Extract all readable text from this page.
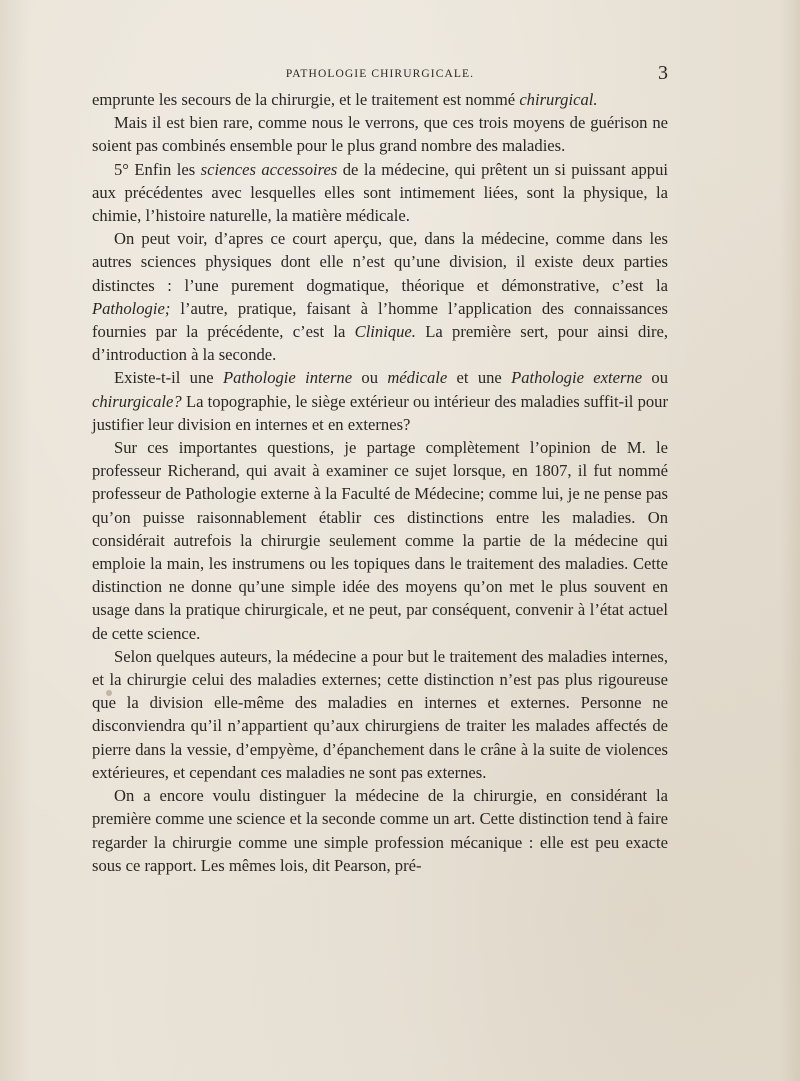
PATHOLOGIE CHIRURGICALE.	3

emprunte les secours de la chirurgie, et le traitement est nommé chirurgical.

Mais il est bien rare, comme nous le verrons, que ces trois moyens de guérison ne soient pas combinés ensemble pour le plus grand nombre des maladies.

5° Enfin les sciences accessoires de la médecine, qui prêtent un si puissant appui aux précédentes avec lesquelles elles sont intimement liées, sont la physique, la chimie, l’histoire naturelle, la matière médicale.

On peut voir, d’apres ce court aperçu, que, dans la médecine, comme dans les autres sciences physiques dont elle n’est qu’une division, il existe deux parties distinctes : l’une purement dogmatique, théorique et démonstrative, c’est la Pathologie; l’autre, pratique, faisant à l’homme l’application des connaissances fournies par la précédente, c’est la Clinique. La première sert, pour ainsi dire, d’introduction à la seconde.

Existe-t-il une Pathologie interne ou médicale et une Pathologie externe ou chirurgicale? La topographie, le siège extérieur ou intérieur des maladies suffit-il pour justifier leur division en internes et en externes?

Sur ces importantes questions, je partage complètement l’opinion de M. le professeur Richerand, qui avait à examiner ce sujet lorsque, en 1807, il fut nommé professeur de Pathologie externe à la Faculté de Médecine; comme lui, je ne pense pas qu’on puisse raisonnablement établir ces distinctions entre les maladies. On considérait autrefois la chirurgie seulement comme la partie de la médecine qui emploie la main, les instrumens ou les topiques dans le traitement des maladies. Cette distinction ne donne qu’une simple idée des moyens qu’on met le plus souvent en usage dans la pratique chirurgicale, et ne peut, par conséquent, convenir à l’état actuel de cette science.

Selon quelques auteurs, la médecine a pour but le traitement des maladies internes, et la chirurgie celui des maladies externes; cette distinction n’est pas plus rigoureuse que la division elle-même des maladies en internes et externes. Personne ne disconviendra qu’il n’appartient qu’aux chirurgiens de traiter les malades affectés de pierre dans la vessie, d’empyème, d’épanchement dans le crâne à la suite de violences extérieures, et cependant ces maladies ne sont pas externes.

On a encore voulu distinguer la médecine de la chirurgie, en considérant la première comme une science et la seconde comme un art. Cette distinction tend à faire regarder la chirurgie comme une simple profession mécanique : elle est peu exacte sous ce rapport. Les mêmes lois, dit Pearson, pré-
